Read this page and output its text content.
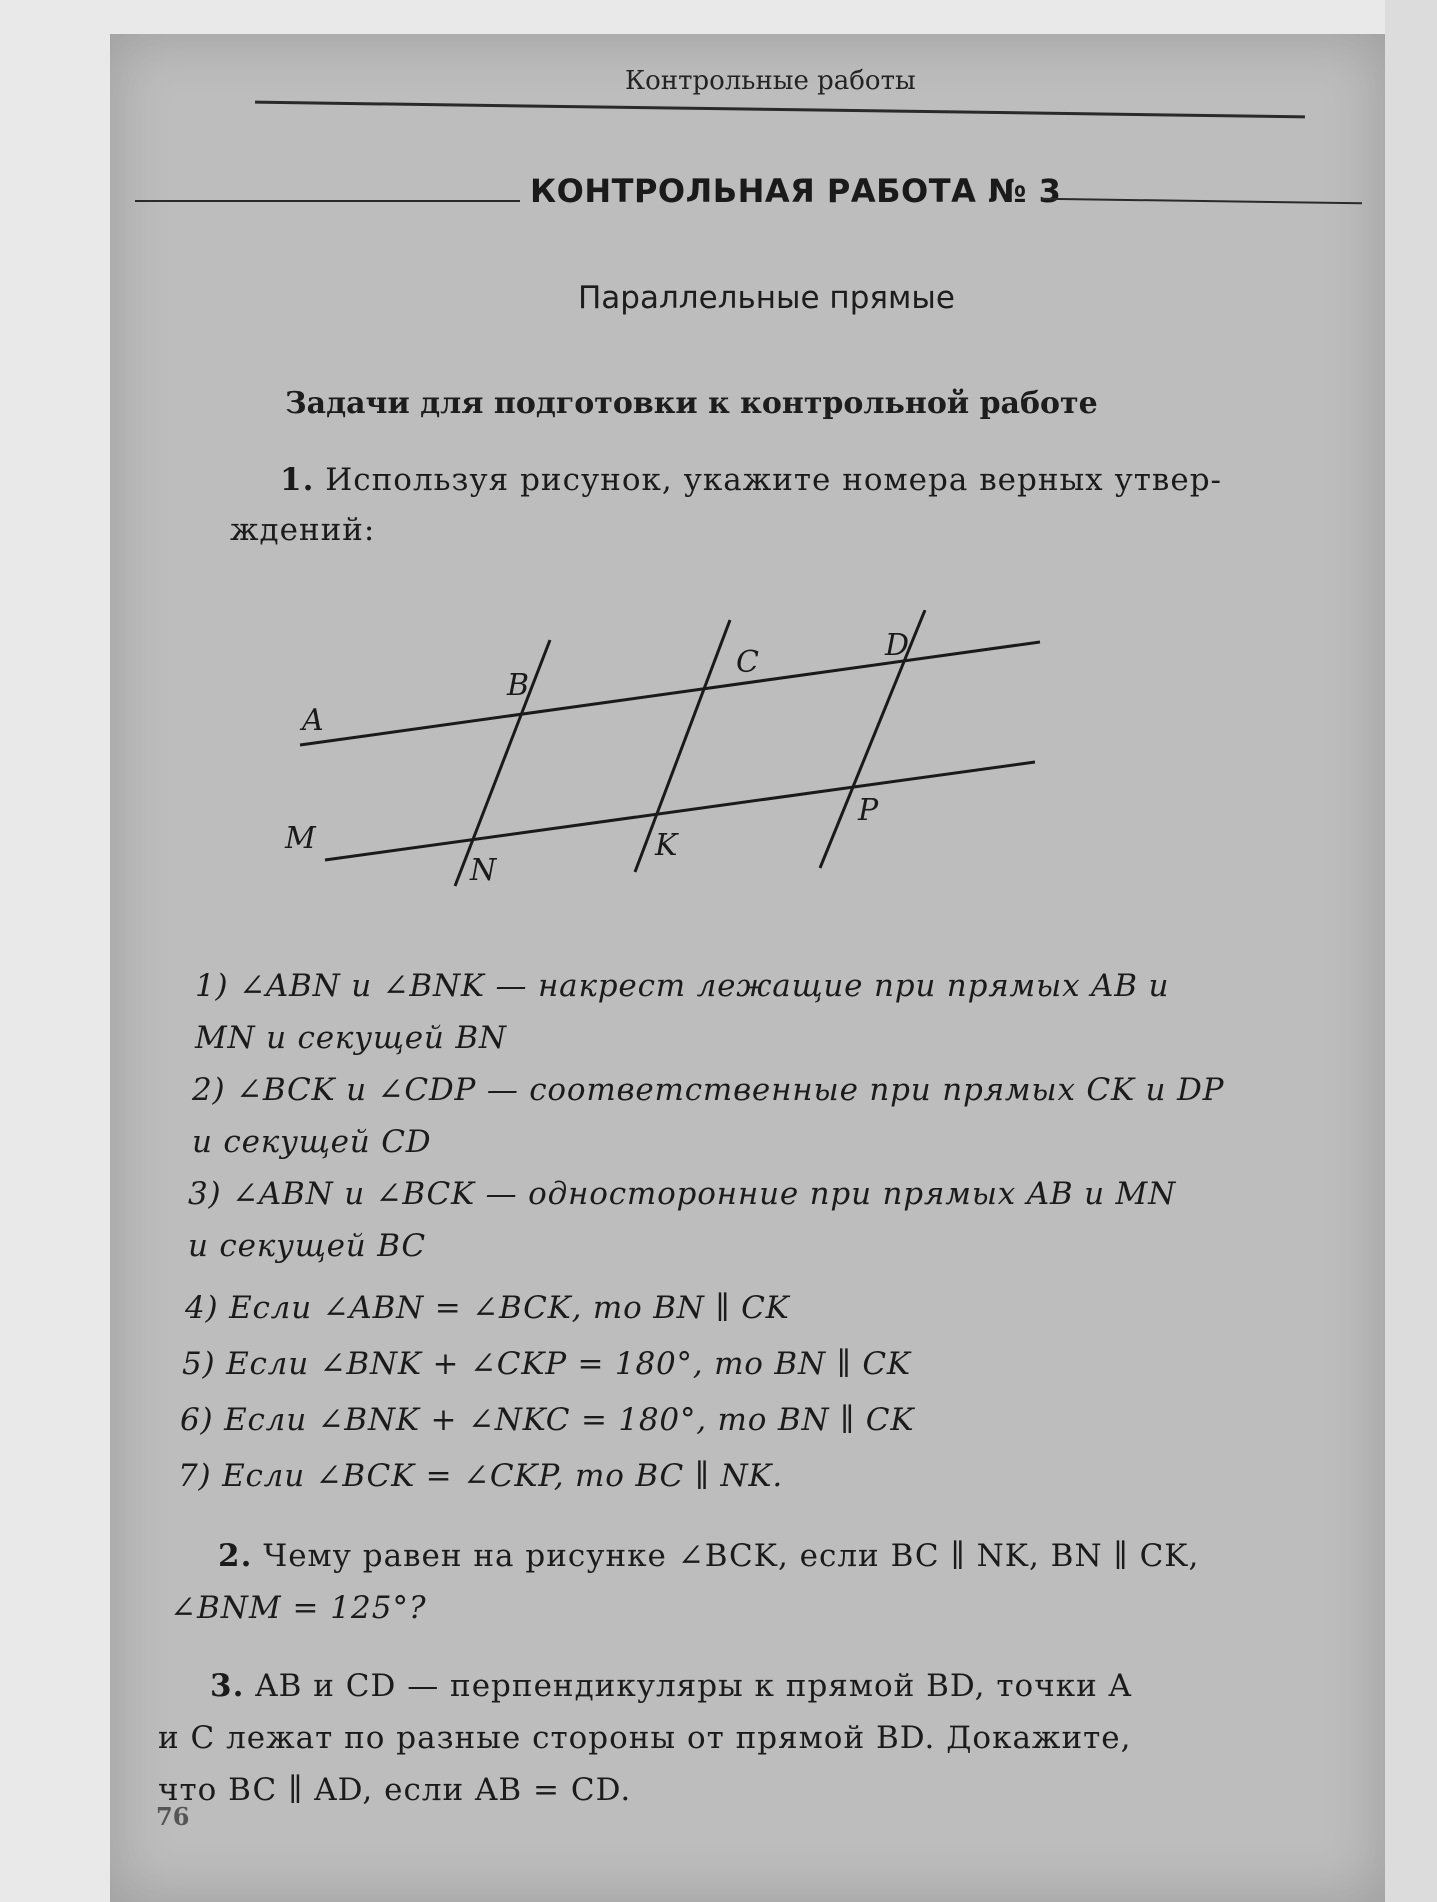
Контрольные работы
КОНТРОЛЬНАЯ РАБОТА № 3
Параллельные прямые
Задачи для подготовки к контрольной работе
1. Используя рисунок, укажите номера верных утвер-
ждений:
A
B
C	D
M
N
K
P
1) ∠ABN и ∠BNK — накрест лежащие при прямых AB и
MN и секущей BN
2) ∠BCK и ∠CDP — соответственные при прямых CK и DP
и секущей CD
3) ∠ABN и ∠BCK — односторонние при прямых AB и MN
и секущей BC
4) Если ∠ABN = ∠BCK, то BN ∥ CK
5) Если ∠BNK + ∠CKP = 180°, то BN ∥ CK
6) Если ∠BNK + ∠NKC = 180°, то BN ∥ CK
7) Если ∠BCK = ∠CKP, то BC ∥ NK.
2. Чему равен на рисунке ∠BCK, если BC ∥ NK, BN ∥ CK,
∠BNM = 125°?
3. AB и CD — перпендикуляры к прямой BD, точки A
и C лежат по разные стороны от прямой BD. Докажите,
что BC ∥ AD, если AB = CD.
76
